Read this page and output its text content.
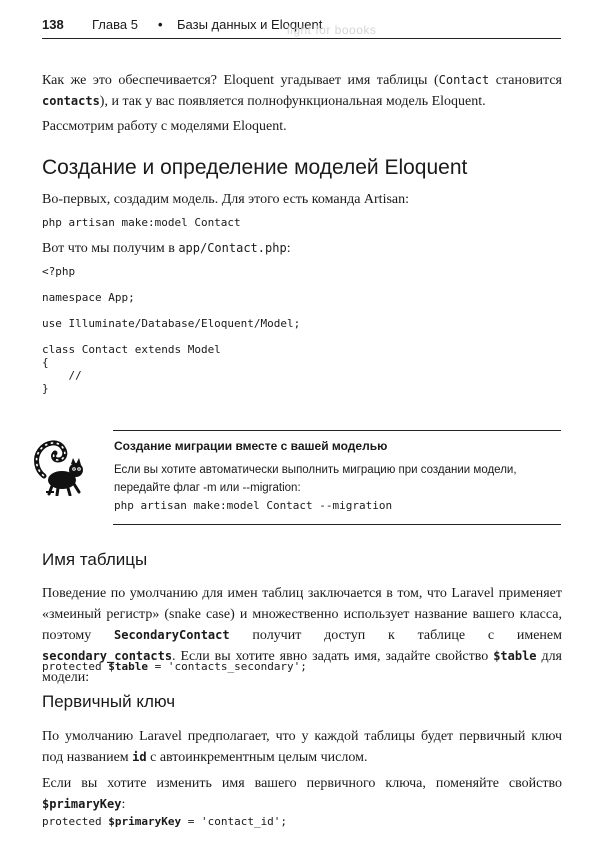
138 Глава 5 • Базы данных и Eloquent
light for boooks
Как же это обеспечивается? Eloquent угадывает имя таблицы (Contact становится contacts), и так у вас появляется полнофункциональная модель Eloquent.
Рассмотрим работу с моделями Eloquent.
Создание и определение моделей Eloquent
Во-первых, создадим модель. Для этого есть команда Artisan:
php artisan make:model Contact
Вот что мы получим в app/Contact.php:
<?php

namespace App;

use Illuminate/Database/Eloquent/Model;

class Contact extends Model
{
//
}
Создание миграции вместе с вашей моделью
Если вы хотите автоматически выполнить миграцию при создании модели, передайте флаг -m или --migration:
php artisan make:model Contact --migration
Имя таблицы
Поведение по умолчанию для имен таблиц заключается в том, что Laravel применяет «змеиный регистр» (snake case) и множественно использует название вашего класса, поэтому SecondaryContact получит доступ к таблице с именем secondary_contacts. Если вы хотите явно задать имя, задайте свойство $table для модели:
protected $table = 'contacts_secondary';
Первичный ключ
По умолчанию Laravel предполагает, что у каждой таблицы будет первичный ключ под названием id с автоинкрементным целым числом.
Если вы хотите изменить имя вашего первичного ключа, поменяйте свойство $primaryKey:
protected $primaryKey = 'contact_id';
